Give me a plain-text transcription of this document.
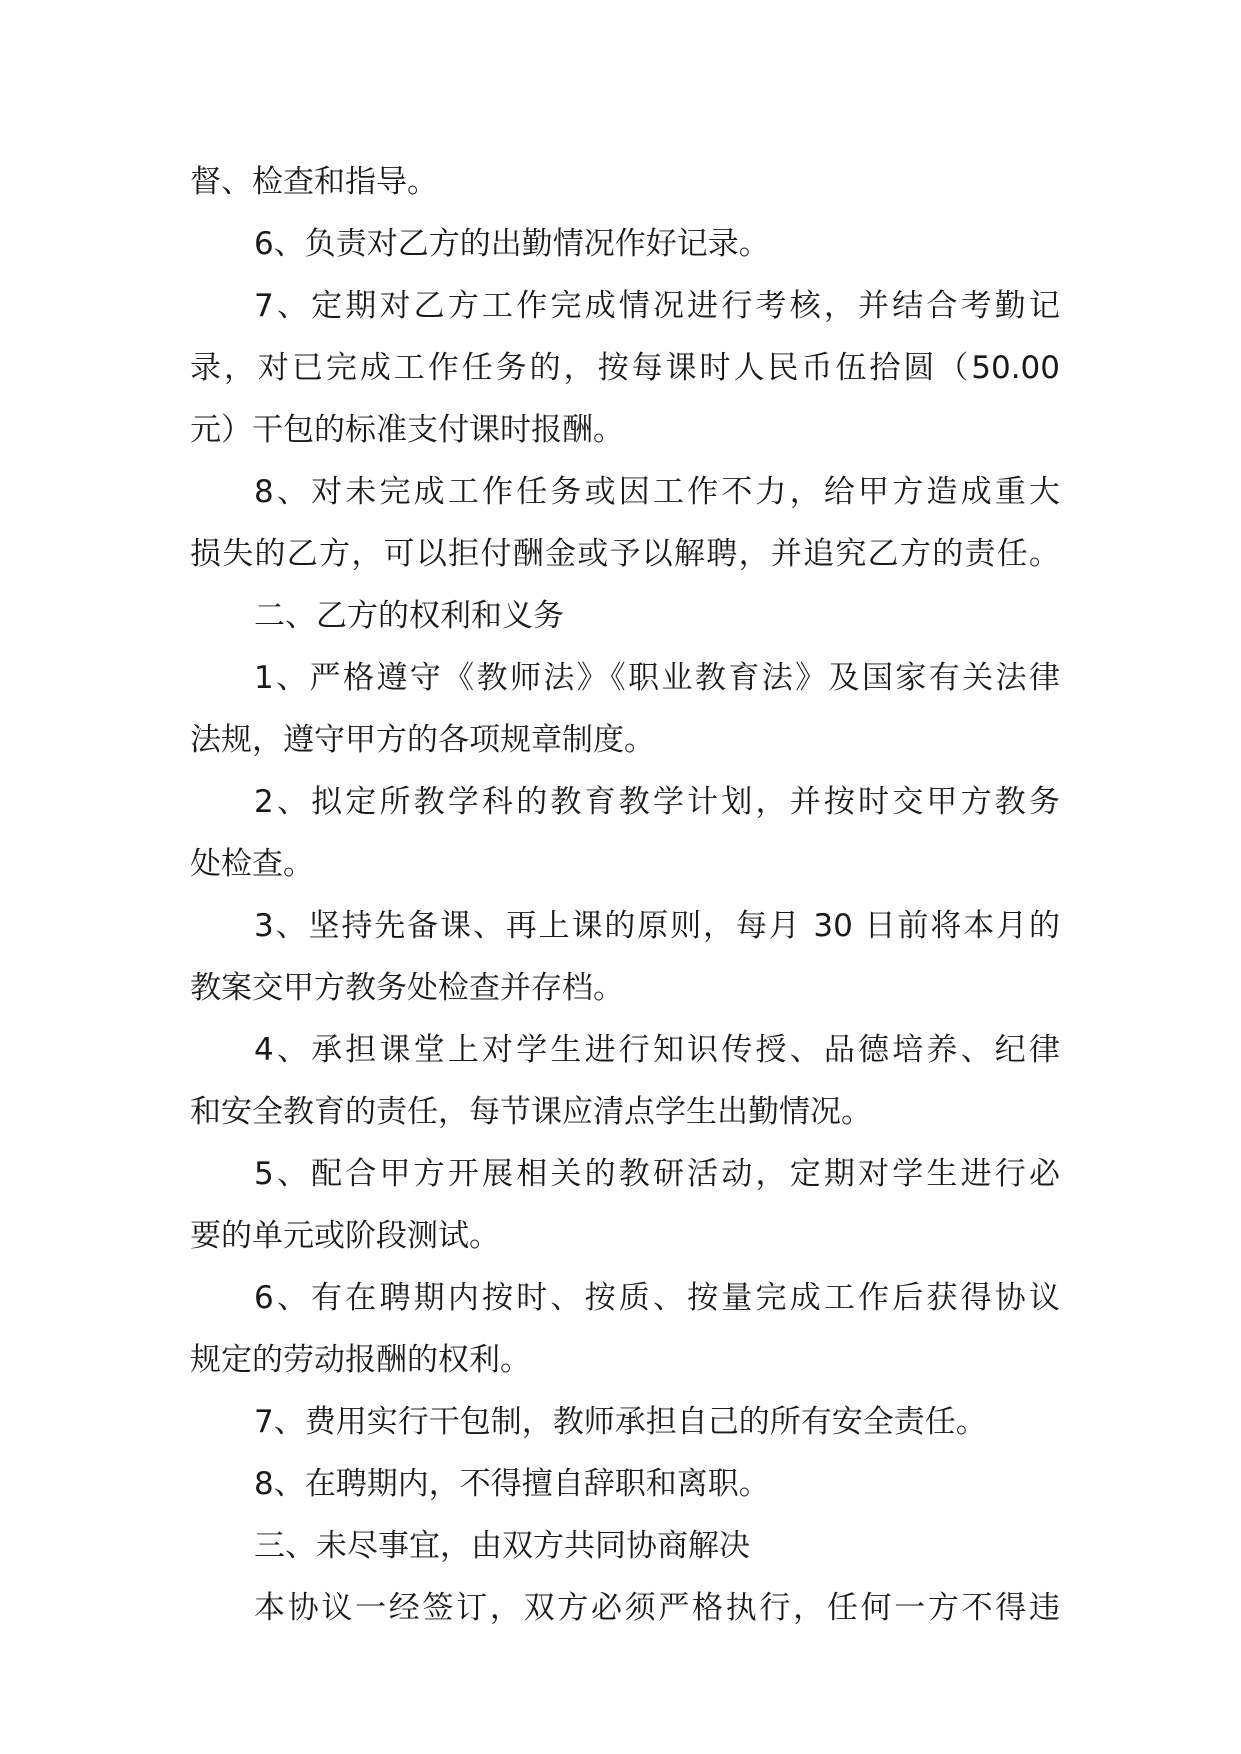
督、检查和指导。

6、负责对乙方的出勤情况作好记录。

7、定期对乙方工作完成情况进行考核，并结合考勤记

录，对已完成工作任务的，按每课时人民币伍拾圆（50.00

元）干包的标准支付课时报酬。

8、对未完成工作任务或因工作不力，给甲方造成重大

损失的乙方，可以拒付酬金或予以解聘，并追究乙方的责任。

二、乙方的权利和义务

1、严格遵守《教师法》《职业教育法》及国家有关法律

法规，遵守甲方的各项规章制度。

2、拟定所教学科的教育教学计划，并按时交甲方教务

处检查。

3、坚持先备课、再上课的原则，每月 30 日前将本月的

教案交甲方教务处检查并存档。

4、承担课堂上对学生进行知识传授、品德培养、纪律

和安全教育的责任，每节课应清点学生出勤情况。

5、配合甲方开展相关的教研活动，定期对学生进行必

要的单元或阶段测试。

6、有在聘期内按时、按质、按量完成工作后获得协议

规定的劳动报酬的权利。

7、费用实行干包制，教师承担自己的所有安全责任。

8、在聘期内，不得擅自辞职和离职。

三、未尽事宜，由双方共同协商解决

本协议一经签订，双方必须严格执行，任何一方不得违
